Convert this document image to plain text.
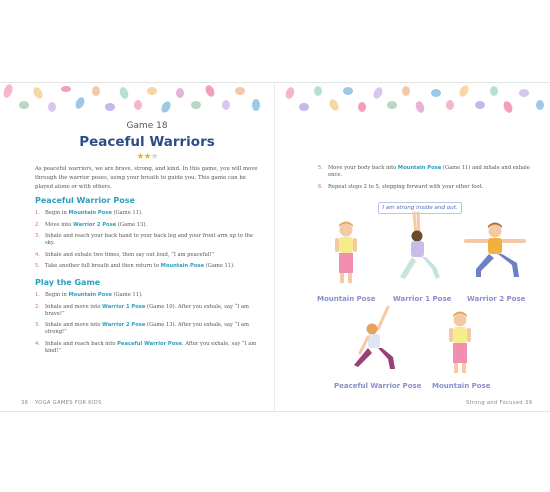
Game 18
Peaceful Warriors
★★★

As peaceful warriors, we are brave, strong, and kind. In this game, you will move through the warrior poses, using your breath to guide you. This game can be played alone or with others.

Peaceful Warrior Pose
1. Begin in Mountain Pose (Game 11).
2. Move into Warrior 2 Pose (Game 13).
3. Inhale and reach your back hand to your back leg and your front arm up to the sky.
4. Inhale and exhale two times, then say out loud, “I am peaceful!”
5. Take another full breath and then return to Mountain Pose (Game 11).
Play the Game
1. Begin in Mountain Pose (Game 11).
2. Inhale and move into Warrior 1 Pose (Game 10). After you exhale, say “I am brave!”
3. Inhale and move into Warrior 2 Pose (Game 13). After you exhale, say “I am strong!”
4. Inhale and reach back into Peaceful Warrior Pose. After you exhale, say “I am kind!”
38 YOGA GAMES FOR KIDS
5. Move your body back into Mountain Pose (Game 11) and inhale and exhale once.
6. Repeat steps 2 to 5, stepping forward with your other foot.
Strong and Focused 39
I am strong inside and out.
Mountain Pose	Warrior 1 Pose Warrior 2 Pose
Peaceful Warrior Pose Mountain Pose
